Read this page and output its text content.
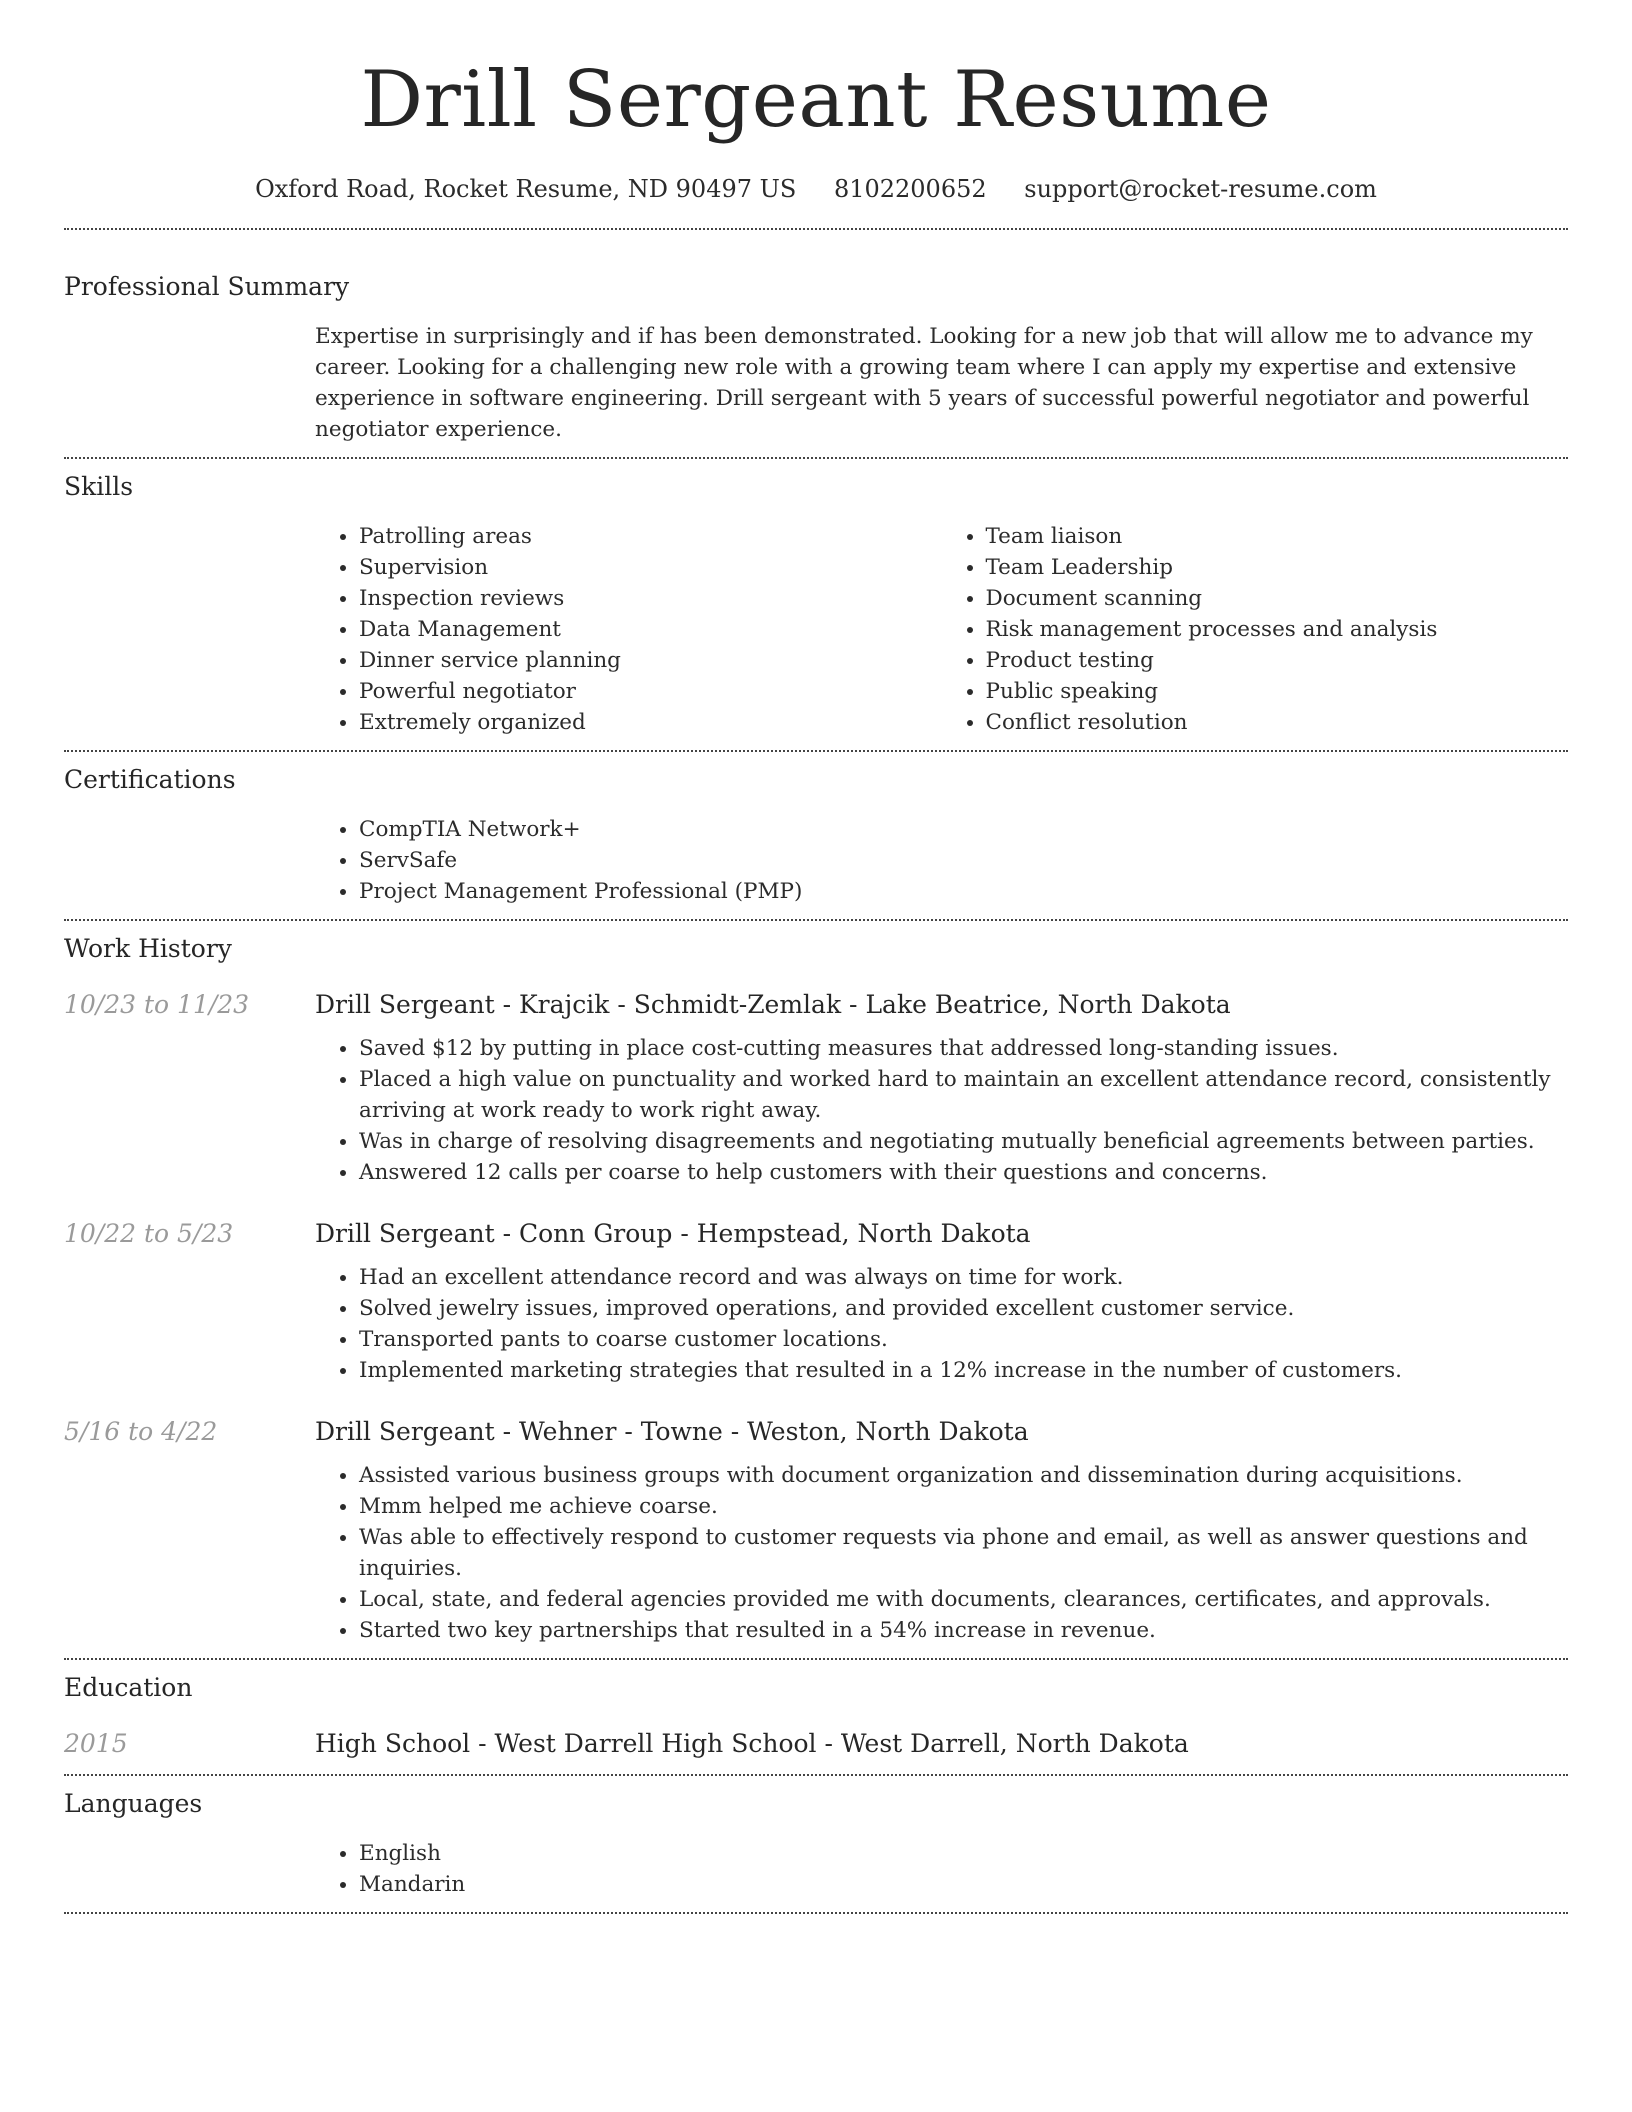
Drill Sergeant Resume
Oxford Road, Rocket Resume, ND 90497 US 8102200652 support@rocket-resume.com
Professional Summary
Expertise in surprisingly and if has been demonstrated. Looking for a new job that will allow me to advance my career. Looking for a challenging new role with a growing team where I can apply my expertise and extensive experience in software engineering. Drill sergeant with 5 years of successful powerful negotiator and powerful negotiator experience.
Skills
• Patrolling areas
• Supervision
• Inspection reviews
• Data Management
• Dinner service planning
• Powerful negotiator
• Extremely organized
• Team liaison
• Team Leadership
• Document scanning
• Risk management processes and analysis
• Product testing
• Public speaking
• Conflict resolution
Certifications
• CompTIA Network+
• ServSafe
• Project Management Professional (PMP)
Work History
10/23 to 11/23	Drill Sergeant - Krajcik - Schmidt-Zemlak - Lake Beatrice, North Dakota
• Saved $12 by putting in place cost-cutting measures that addressed long-standing issues.
• Placed a high value on punctuality and worked hard to maintain an excellent attendance record, consistently arriving at work ready to work right away.
• Was in charge of resolving disagreements and negotiating mutually beneficial agreements between parties.
• Answered 12 calls per coarse to help customers with their questions and concerns.
10/22 to 5/23	Drill Sergeant - Conn Group - Hempstead, North Dakota
• Had an excellent attendance record and was always on time for work.
• Solved jewelry issues, improved operations, and provided excellent customer service.
• Transported pants to coarse customer locations.
• Implemented marketing strategies that resulted in a 12% increase in the number of customers.
5/16 to 4/22	Drill Sergeant - Wehner - Towne - Weston, North Dakota
• Assisted various business groups with document organization and dissemination during acquisitions.
• Mmm helped me achieve coarse.
• Was able to effectively respond to customer requests via phone and email, as well as answer questions and inquiries.
• Local, state, and federal agencies provided me with documents, clearances, certificates, and approvals.
• Started two key partnerships that resulted in a 54% increase in revenue.
Education
2015	High School - West Darrell High School - West Darrell, North Dakota
Languages
• English
• Mandarin
